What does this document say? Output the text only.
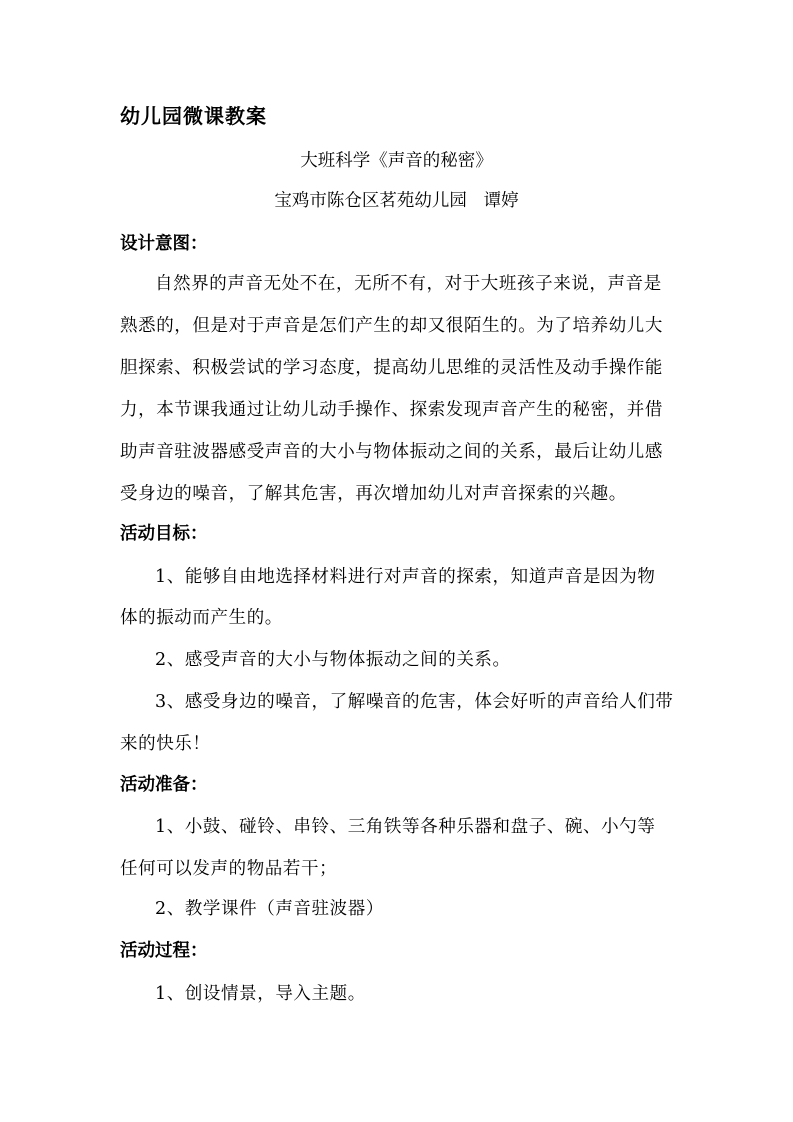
幼儿园微课教案
大班科学《声音的秘密》
宝鸡市陈仓区茗苑幼儿园   谭婷
设计意图：
自然界的声音无处不在，无所不有，对于大班孩子来说，声音是
熟悉的，但是对于声音是怎们产生的却又很陌生的。为了培养幼儿大
胆探索、积极尝试的学习态度，提高幼儿思维的灵活性及动手操作能
力，本节课我通过让幼儿动手操作、探索发现声音产生的秘密，并借
助声音驻波器感受声音的大小与物体振动之间的关系，最后让幼儿感
受身边的噪音，了解其危害，再次增加幼儿对声音探索的兴趣。
活动目标：
1、能够自由地选择材料进行对声音的探索，知道声音是因为物
体的振动而产生的。
2、感受声音的大小与物体振动之间的关系。
3、感受身边的噪音，了解噪音的危害，体会好听的声音给人们带
来的快乐！
活动准备：
1、小鼓、碰铃、串铃、三角铁等各种乐器和盘子、碗、小勺等
任何可以发声的物品若干；
2、教学课件（声音驻波器）
活动过程：
1、创设情景，导入主题。
